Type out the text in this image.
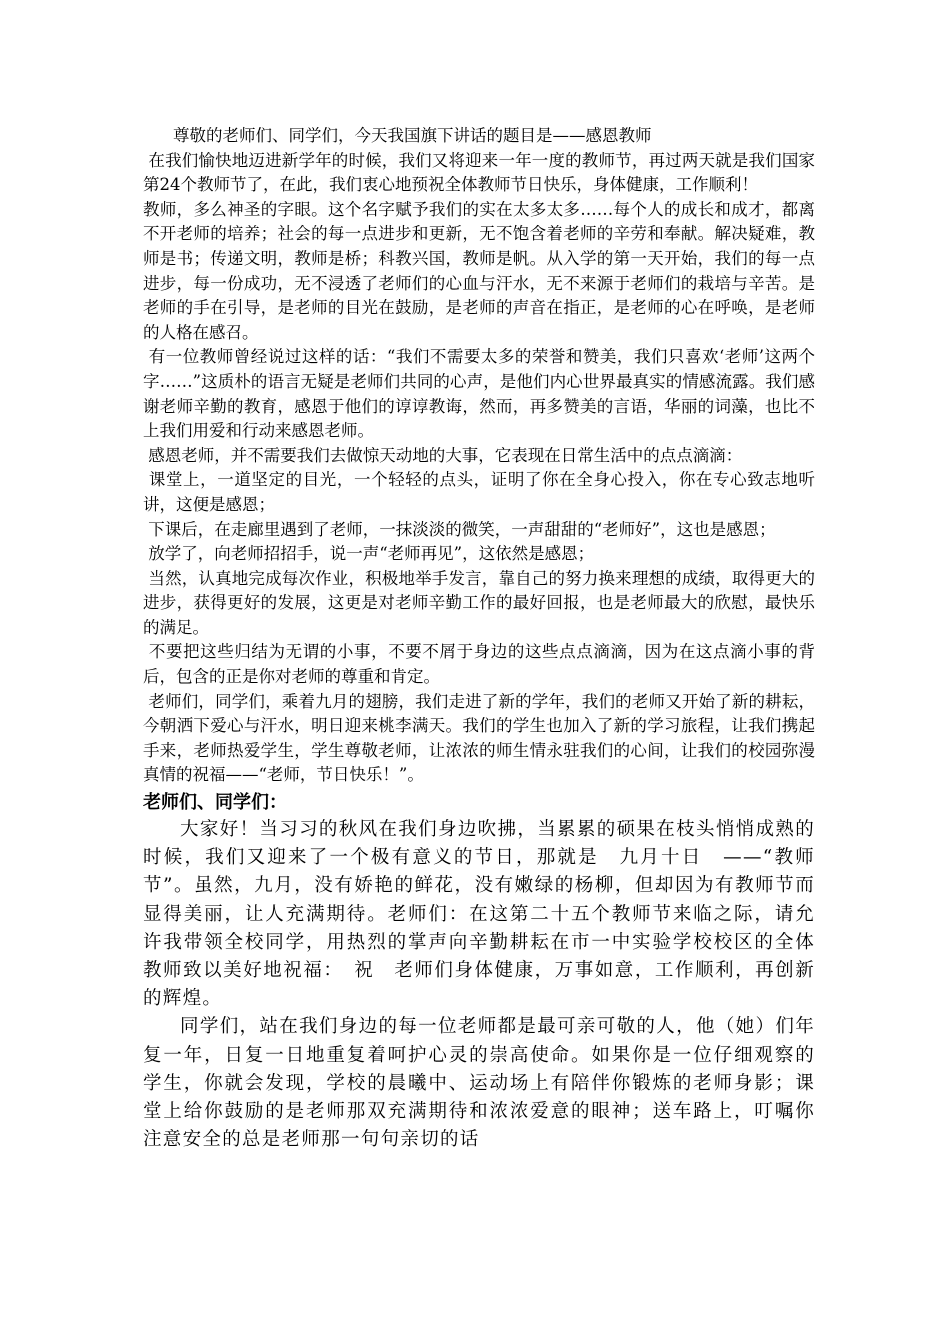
尊敬的老师们、同学们，今天我国旗下讲话的题目是——感恩教师

在我们愉快地迈进新学年的时候，我们又将迎来一年一度的教师节，再过两天就是我们国家第24个教师节了，在此，我们衷心地预祝全体教师节日快乐，身体健康，工作顺利！

教师，多么神圣的字眼。这个名字赋予我们的实在太多太多……每个人的成长和成才，都离不开老师的培养；社会的每一点进步和更新，无不饱含着老师的辛劳和奉献。解决疑难，教师是书；传递文明，教师是桥；科教兴国，教师是帆。从入学的第一天开始，我们的每一点进步，每一份成功，无不浸透了老师们的心血与汗水，无不来源于老师们的栽培与辛苦。是老师的手在引导，是老师的目光在鼓励，是老师的声音在指正，是老师的心在呼唤，是老师的人格在感召。

有一位教师曾经说过这样的话：“我们不需要太多的荣誉和赞美，我们只喜欢‘老师’这两个字……”这质朴的语言无疑是老师们共同的心声，是他们内心世界最真实的情感流露。我们感谢老师辛勤的教育，感恩于他们的谆谆教诲，然而，再多赞美的言语，华丽的词藻，也比不上我们用爱和行动来感恩老师。

感恩老师，并不需要我们去做惊天动地的大事，它表现在日常生活中的点点滴滴：

课堂上，一道坚定的目光，一个轻轻的点头，证明了你在全身心投入，你在专心致志地听讲，这便是感恩；

下课后，在走廊里遇到了老师，一抹淡淡的微笑，一声甜甜的“老师好”，这也是感恩；

放学了，向老师招招手，说一声“老师再见”，这依然是感恩；

当然，认真地完成每次作业，积极地举手发言，靠自己的努力换来理想的成绩，取得更大的进步，获得更好的发展，这更是对老师辛勤工作的最好回报，也是老师最大的欣慰，最快乐的满足。

不要把这些归结为无谓的小事，不要不屑于身边的这些点点滴滴，因为在这点滴小事的背后，包含的正是你对老师的尊重和肯定。

老师们，同学们，乘着九月的翅膀，我们走进了新的学年，我们的老师又开始了新的耕耘，今朝洒下爱心与汗水，明日迎来桃李满天。我们的学生也加入了新的学习旅程，让我们携起手来，老师热爱学生，学生尊敬老师，让浓浓的师生情永驻我们的心间，让我们的校园弥漫真情的祝福——“老师，节日快乐！”。

老师们、同学们：

大家好！当习习的秋风在我们身边吹拂，当累累的硕果在枝头悄悄成熟的时候，我们又迎来了一个极有意义的节日，那就是　九月十日　——“教师节”。虽然，九月，没有娇艳的鲜花，没有嫩绿的杨柳，但却因为有教师节而显得美丽，让人充满期待。老师们：在这第二十五个教师节来临之际，请允许我带领全校同学，用热烈的掌声向辛勤耕耘在市一中实验学校校区的全体教师致以美好地祝福：　祝　老师们身体健康，万事如意，工作顺利，再创新的辉煌。

同学们，站在我们身边的每一位老师都是最可亲可敬的人，他（她）们年复一年，日复一日地重复着呵护心灵的崇高使命。如果你是一位仔细观察的学生，你就会发现，学校的晨曦中、运动场上有陪伴你锻炼的老师身影；课堂上给你鼓励的是老师那双充满期待和浓浓爱意的眼神；送车路上，叮嘱你注意安全的总是老师那一句句亲切的话
